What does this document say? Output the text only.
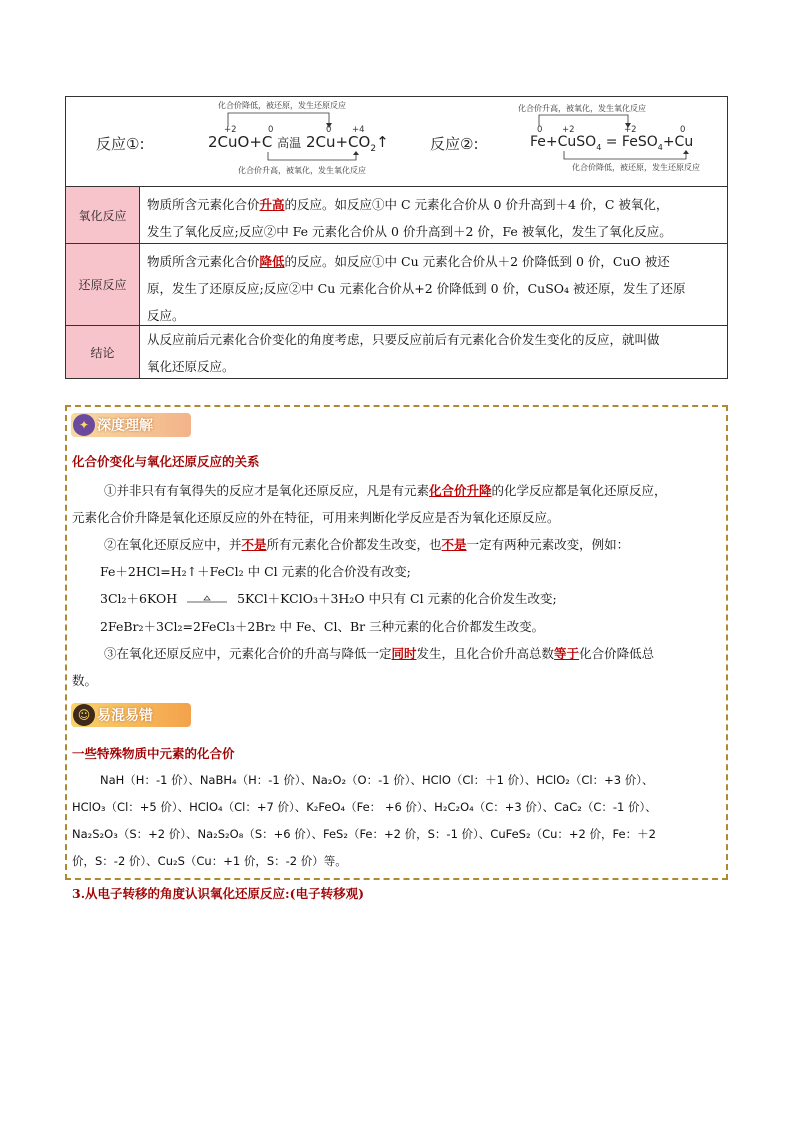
反应①:
化合价降低，被还原，发生还原反应
+2	0	0 +4
2CuO+C 高温 $2Cu+CO_2↑$
化合价升高，被氧化，发生氧化反应
反应②:
化合价升高，被氧化，发生氧化反应
0 +2	+2	0
Fe+CuSO$_4$ = FeSO$_4$+Cu
化合价降低，被还原，发生还原反应
氧化反应
物质所含元素化合价升高的反应。如反应①中 C 元素化合价从 0 价升高到＋4 价，C 被氧化，
发生了氧化反应;反应②中 Fe 元素化合价从 0 价升高到＋2 价，Fe 被氧化，发生了氧化反应。
还原反应
物质所含元素化合价降低的反应。如反应①中 Cu 元素化合价从＋2 价降低到 0 价，CuO 被还
原，发生了还原反应;反应②中 Cu 元素化合价从+2 价降低到 0 价，CuSO₄ 被还原，发生了还原
反应。
结论
从反应前后元素化合价变化的角度考虑，只要反应前后有元素化合价发生变化的反应，就叫做
氧化还原反应。
✦ 深度理解
化合价变化与氧化还原反应的关系
①并非只有有氧得失的反应才是氧化还原反应，凡是有元素化合价升降的化学反应都是氧化还原反应，
元素化合价升降是氧化还原反应的外在特征，可用来判断化学反应是否为氧化还原反应。
②在氧化还原反应中，并不是所有元素化合价都发生改变，也不是一定有两种元素改变，例如：
Fe＋2HCl=H₂↑＋FeCl₂ 中 Cl 元素的化合价没有改变;
3Cl₂＋6KOH	5KCl＋KClO₃＋3H₂O 中只有 Cl 元素的化合价发生改变;
2FeBr₂＋3Cl₂=2FeCl₃＋2Br₂ 中 Fe、Cl、Br 三种元素的化合价都发生改变。
③在氧化还原反应中，元素化合价的升高与降低一定同时发生，且化合价升高总数等于化合价降低总
数。
☺ 易混易错
一些特殊物质中元素的化合价
NaH（H：-1 价）、NaBH₄（H：-1 价）、Na₂O₂（O：-1 价）、HClO（Cl：＋1 价）、HClO₂（Cl：+3 价）、
HClO₃（Cl：+5 价）、HClO₄（Cl：+7 价）、K₂FeO₄（Fe： +6 价）、H₂C₂O₄（C：+3 价）、CaC₂（C：-1 价）、
Na₂S₂O₃（S：+2 价）、Na₂S₂O₈（S：+6 价）、FeS₂（Fe：+2 价，S：-1 价）、CuFeS₂（Cu：+2 价，Fe：＋2
价，S：-2 价）、Cu₂S（Cu：+1 价，S：-2 价）等。
3.从电子转移的角度认识氧化还原反应:(电子转移观)
